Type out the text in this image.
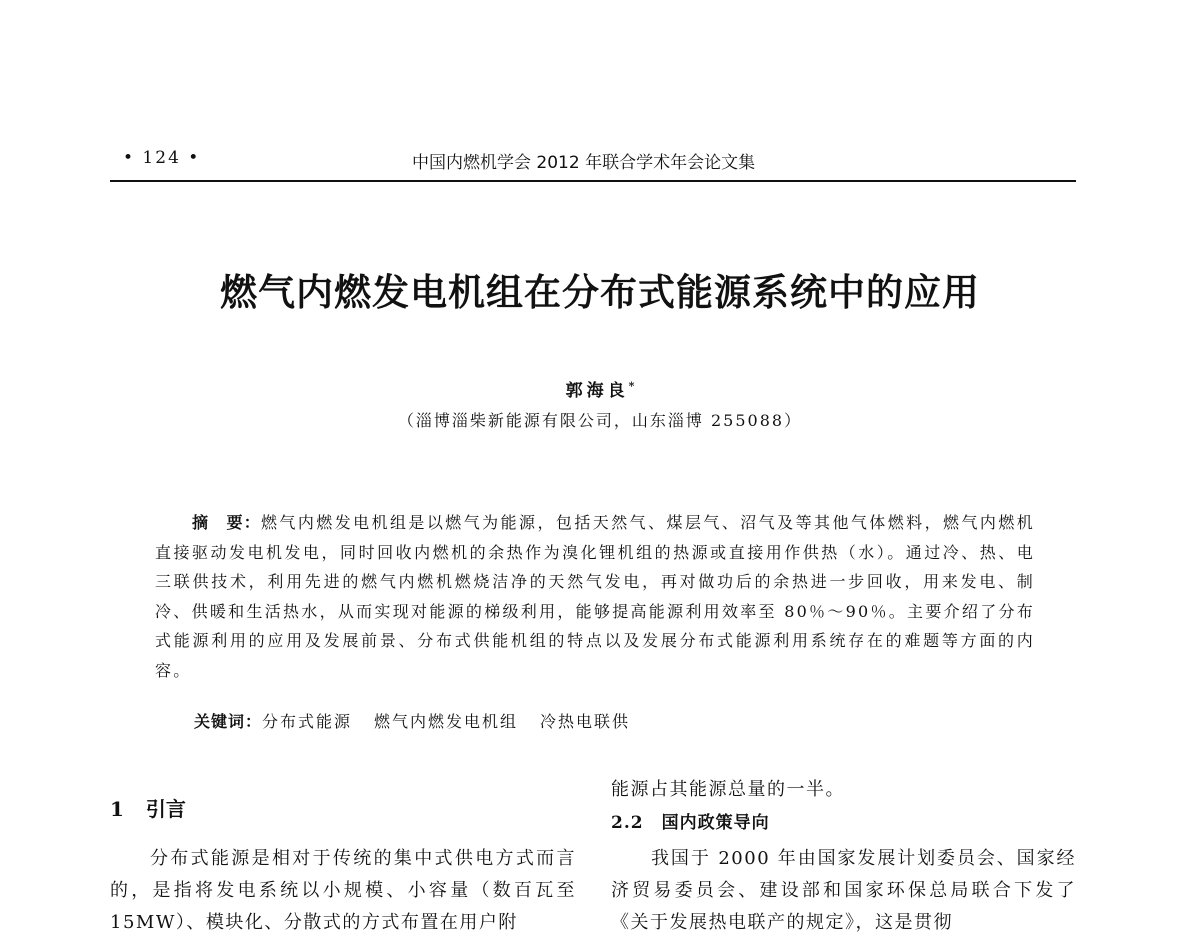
• 124 •	中国内燃机学会 2012 年联合学术年会论文集
燃气内燃发电机组在分布式能源系统中的应用
郭海良*
（淄博淄柴新能源有限公司，山东淄博 255088）
摘　要：燃气内燃发电机组是以燃气为能源，包括天然气、煤层气、沼气及等其他气体燃料，燃气内燃机直接驱动发电机发电，同时回收内燃机的余热作为溴化锂机组的热源或直接用作供热（水）。通过冷、热、电三联供技术，利用先进的燃气内燃机燃烧洁净的天然气发电，再对做功后的余热进一步回收，用来发电、制冷、供暖和生活热水，从而实现对能源的梯级利用，能够提高能源利用效率至 80％～90％。主要介绍了分布式能源利用的应用及发展前景、分布式供能机组的特点以及发展分布式能源利用系统存在的难题等方面的内容。
关键词：分布式能源 燃气内燃发电机组 冷热电联供
1 引言
分布式能源是相对于传统的集中式供电方式而言的，是指将发电系统以小规模、小容量（数百瓦至15MW）、模块化、分散式的方式布置在用户附
能源占其能源总量的一半。
2.2 国内政策导向
我国于 2000 年由国家发展计划委员会、国家经济贸易委员会、建设部和国家环保总局联合下发了《关于发展热电联产的规定》，这是贯彻
